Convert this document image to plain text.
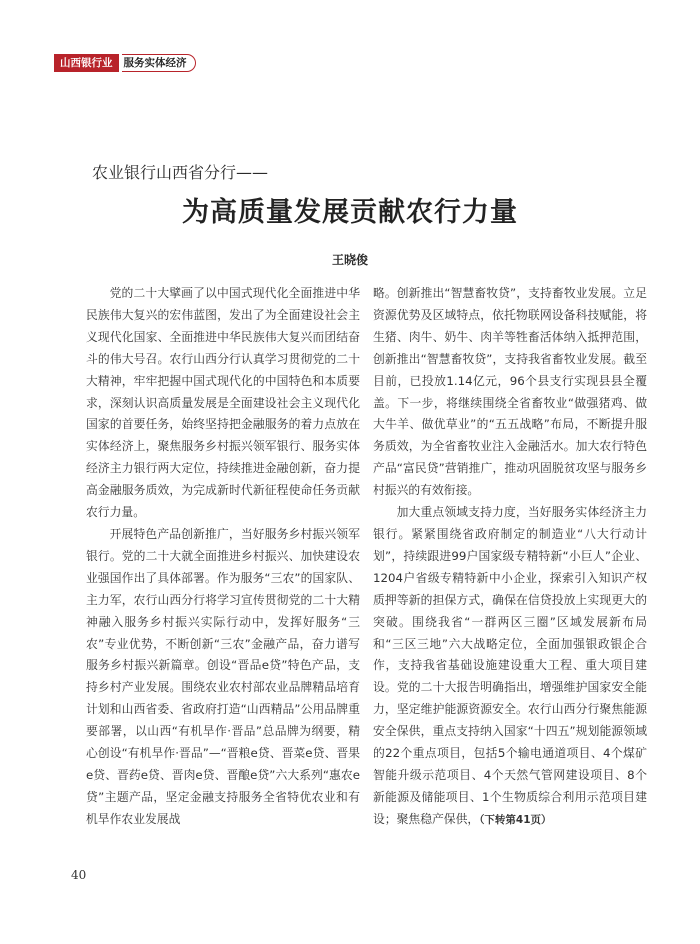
山西银行业	服务实体经济
农业银行山西省分行——
为高质量发展贡献农行力量
王晓俊

党的二十大擘画了以中国式现代化全面推进中华民族伟大复兴的宏伟蓝图，发出了为全面建设社会主义现代化国家、全面推进中华民族伟大复兴而团结奋斗的伟大号召。农行山西分行认真学习贯彻党的二十大精神，牢牢把握中国式现代化的中国特色和本质要求，深刻认识高质量发展是全面建设社会主义现代化国家的首要任务，始终坚持把金融服务的着力点放在实体经济上，聚焦服务乡村振兴领军银行、服务实体经济主力银行两大定位，持续推进金融创新，奋力提高金融服务质效，为完成新时代新征程使命任务贡献农行力量。

开展特色产品创新推广，当好服务乡村振兴领军银行。党的二十大就全面推进乡村振兴、加快建设农业强国作出了具体部署。作为服务“三农”的国家队、主力军，农行山西分行将学习宣传贯彻党的二十大精神融入服务乡村振兴实际行动中，发挥好服务“三农”专业优势，不断创新“三农”金融产品，奋力谱写服务乡村振兴新篇章。创设“晋品e贷”特色产品，支持乡村产业发展。围绕农业农村部农业品牌精品培育计划和山西省委、省政府打造“山西精品”公用品牌重要部署，以山西“有机旱作·晋品”总品牌为纲要，精心创设“有机旱作·晋品”—“晋粮e贷、晋菜e贷、晋果e贷、晋药e贷、晋肉e贷、晋酿e贷”六大系列“惠农e贷”主题产品，坚定金融支持服务全省特优农业和有机旱作农业发展战

略。创新推出“智慧畜牧贷”，支持畜牧业发展。立足资源优势及区域特点，依托物联网设备科技赋能，将生猪、肉牛、奶牛、肉羊等牲畜活体纳入抵押范围，创新推出“智慧畜牧贷”，支持我省畜牧业发展。截至目前，已投放1.14亿元，96个县支行实现县县全覆盖。下一步，将继续围绕全省畜牧业“做强猪鸡、做大牛羊、做优草业”的“五五战略”布局，不断提升服务质效，为全省畜牧业注入金融活水。加大农行特色产品“富民贷”营销推广，推动巩固脱贫攻坚与服务乡村振兴的有效衔接。

加大重点领域支持力度，当好服务实体经济主力银行。紧紧围绕省政府制定的制造业“八大行动计划”，持续跟进99户国家级专精特新“小巨人”企业、1204户省级专精特新中小企业，探索引入知识产权质押等新的担保方式，确保在信贷投放上实现更大的突破。围绕我省“一群两区三圈”区域发展新布局和“三区三地”六大战略定位，全面加强银政银企合作，支持我省基础设施建设重大工程、重大项目建设。党的二十大报告明确指出，增强维护国家安全能力，坚定维护能源资源安全。农行山西分行聚焦能源安全保供，重点支持纳入国家“十四五”规划能源领域的22个重点项目，包括5个输电通道项目、4个煤矿智能升级示范项目、4个天然气管网建设项目、8个新能源及储能项目、1个生物质综合利用示范项目建设；聚焦稳产保供，（下转第41页）

40
